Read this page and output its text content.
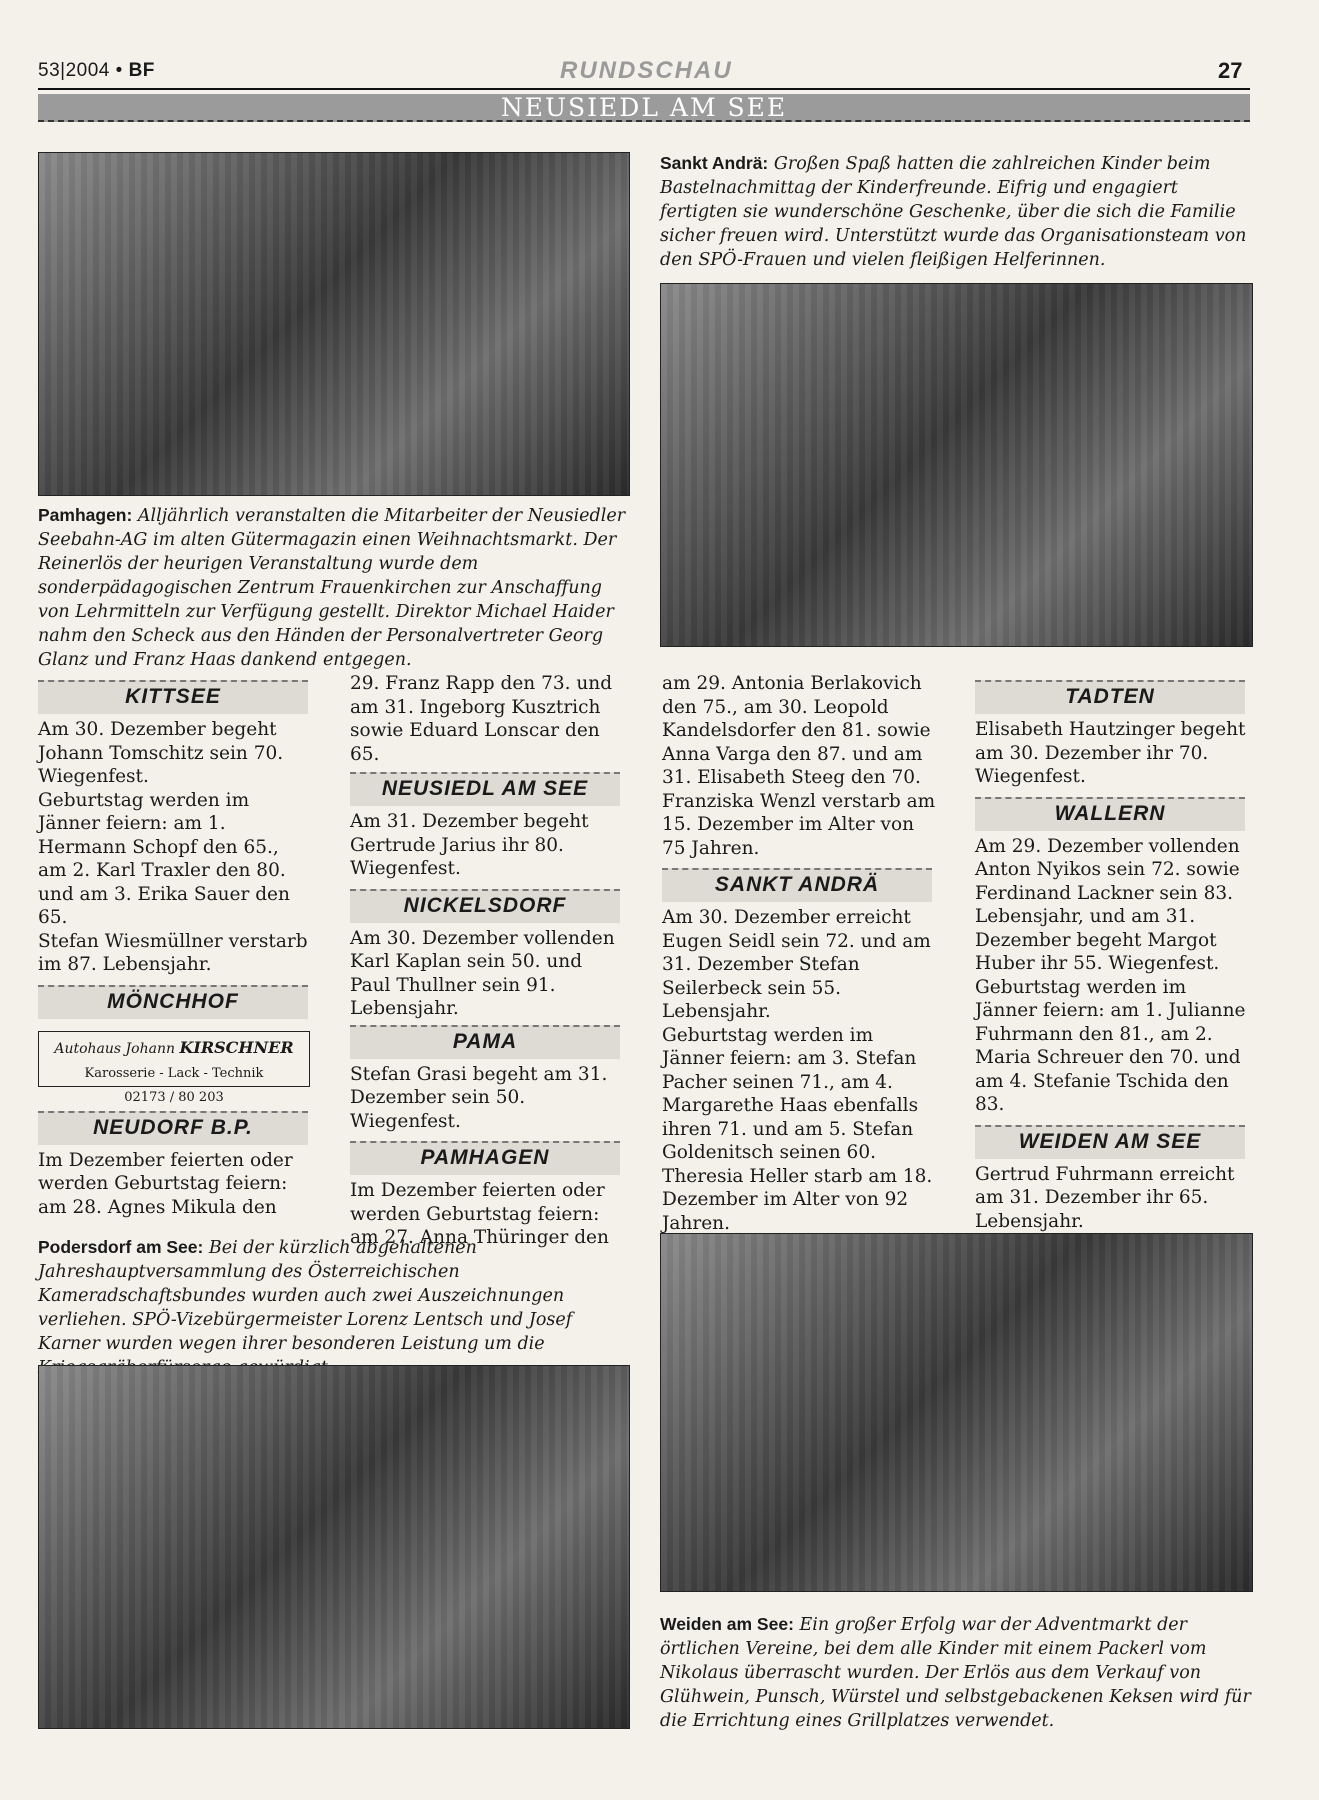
53|2004 • BF	RUNDSCHAU	27
NEUSIEDL AM SEE
Pamhagen: Alljährlich veranstalten die Mitarbeiter der Neusiedler Seebahn-AG im alten Gütermagazin einen Weihnachtsmarkt. Der Reinerlös der heurigen Veranstaltung wurde dem sonderpädagogischen Zentrum Frauenkirchen zur Anschaffung von Lehrmitteln zur Verfügung gestellt. Direktor Michael Haider nahm den Scheck aus den Händen der Personalvertreter Georg Glanz und Franz Haas dankend entgegen.
Sankt Andrä: Großen Spaß hatten die zahlreichen Kinder beim Bastelnachmittag der Kinderfreunde. Eifrig und engagiert fertigten sie wunderschöne Geschenke, über die sich die Familie sicher freuen wird. Unterstützt wurde das Organisationsteam von den SPÖ-Frauen und vielen fleißigen Helferinnen.
KITTSEE

Am 30. Dezember begeht Johann Tomschitz sein 70. Wiegenfest.

Geburtstag werden im Jänner feiern: am 1. Hermann Schopf den 65., am 2. Karl Traxler den 80. und am 3. Erika Sauer den 65.

Stefan Wiesmüllner verstarb im 87. Lebensjahr.

MÖNCHHOF
Autohaus Johann KIRSCHNER
Karosserie - Lack - Technik
02173 / 80 203
NEUDORF B.P.

Im Dezember feierten oder werden Geburtstag feiern: am 28. Agnes Mikula den

29. Franz Rapp den 73. und am 31. Ingeborg Kusztrich sowie Eduard Lonscar den 65.

NEUSIEDL AM SEE

Am 31. Dezember begeht Gertrude Jarius ihr 80. Wiegenfest.

NICKELSDORF

Am 30. Dezember vollenden Karl Kaplan sein 50. und Paul Thullner sein 91. Lebensjahr.

PAMA

Stefan Grasi begeht am 31. Dezember sein 50. Wiegenfest.

PAMHAGEN

Im Dezember feierten oder werden Geburtstag feiern: am 27. Anna Thüringer den

am 29. Antonia Berlakovich den 75., am 30. Leopold Kandelsdorfer den 81. sowie Anna Varga den 87. und am 31. Elisabeth Steeg den 70.

Franziska Wenzl verstarb am 15. Dezember im Alter von 75 Jahren.

SANKT ANDRÄ

Am 30. Dezember erreicht Eugen Seidl sein 72. und am 31. Dezember Stefan Seilerbeck sein 55. Lebensjahr.

Geburtstag werden im Jänner feiern: am 3. Stefan Pacher seinen 71., am 4. Margarethe Haas ebenfalls ihren 71. und am 5. Stefan Goldenitsch seinen 60.

Theresia Heller starb am 18. Dezember im Alter von 92 Jahren.

TADTEN

Elisabeth Hautzinger begeht am 30. Dezember ihr 70. Wiegenfest.

WALLERN

Am 29. Dezember vollenden Anton Nyikos sein 72. sowie Ferdinand Lackner sein 83. Lebensjahr, und am 31. Dezember begeht Margot Huber ihr 55. Wiegenfest.

Geburtstag werden im Jänner feiern: am 1. Julianne Fuhrmann den 81., am 2. Maria Schreuer den 70. und am 4. Stefanie Tschida den 83.

WEIDEN AM SEE

Gertrud Fuhrmann erreicht am 31. Dezember ihr 65. Lebensjahr.

Podersdorf am See: Bei der kürzlich abgehaltenen Jahreshauptversammlung des Österreichischen Kameradschaftsbundes wurden auch zwei Auszeichnungen verliehen. SPÖ-Vizebürgermeister Lorenz Lentsch und Josef Karner wurden wegen ihrer besonderen Leistung um die
Weiden am See: Ein großer Erfolg war der Adventmarkt der örtlichen Vereine, bei dem alle Kinder mit einem Packerl vom Nikolaus überrascht wurden. Der Erlös aus dem Verkauf von Glühwein, Punsch, Würstel und selbstgebackenen Keksen wird für die Errichtung eines Grillplatzes verwendet.
